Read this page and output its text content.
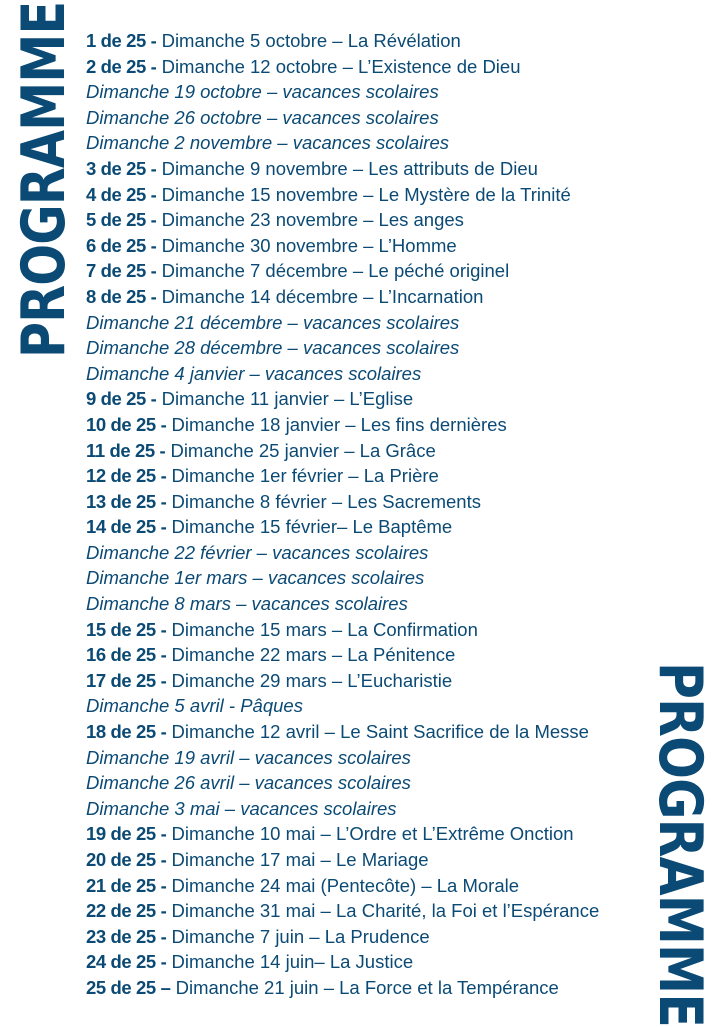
PROGRAMME
PROGRAMME
1 de 25 - Dimanche 5 octobre – La Révélation
2 de 25 - Dimanche 12 octobre – L’Existence de Dieu
Dimanche 19 octobre – vacances scolaires
Dimanche 26 octobre – vacances scolaires
Dimanche 2 novembre – vacances scolaires
3 de 25 - Dimanche 9 novembre – Les attributs de Dieu
4 de 25 - Dimanche 15 novembre – Le Mystère de la Trinité
5 de 25 - Dimanche 23 novembre – Les anges
6 de 25 - Dimanche 30 novembre – L’Homme
7 de 25 - Dimanche 7 décembre – Le péché originel
8 de 25 - Dimanche 14 décembre – L’Incarnation
Dimanche 21 décembre – vacances scolaires
Dimanche 28 décembre – vacances scolaires
Dimanche 4 janvier – vacances scolaires
9 de 25 - Dimanche 11 janvier – L’Eglise
10 de 25 - Dimanche 18 janvier – Les fins dernières
11 de 25 - Dimanche 25 janvier – La Grâce
12 de 25 - Dimanche 1er février – La Prière
13 de 25 - Dimanche 8 février – Les Sacrements
14 de 25 - Dimanche 15 février– Le Baptême
Dimanche 22 février – vacances scolaires
Dimanche 1er mars – vacances scolaires
Dimanche 8 mars – vacances scolaires
15 de 25 - Dimanche 15 mars – La Confirmation
16 de 25 - Dimanche 22 mars – La Pénitence
17 de 25 - Dimanche 29 mars – L’Eucharistie
Dimanche 5 avril - Pâques
18 de 25 - Dimanche 12 avril – Le Saint Sacrifice de la Messe
Dimanche 19 avril – vacances scolaires
Dimanche 26 avril – vacances scolaires
Dimanche 3 mai – vacances scolaires
19 de 25 - Dimanche 10 mai – L’Ordre et L’Extrême Onction
20 de 25 - Dimanche 17 mai – Le Mariage
21 de 25 - Dimanche 24 mai (Pentecôte) – La Morale
22 de 25 - Dimanche 31 mai – La Charité, la Foi et l’Espérance
23 de 25 - Dimanche 7 juin – La Prudence
24 de 25 - Dimanche 14 juin– La Justice
25 de 25 – Dimanche 21 juin – La Force et la Tempérance
